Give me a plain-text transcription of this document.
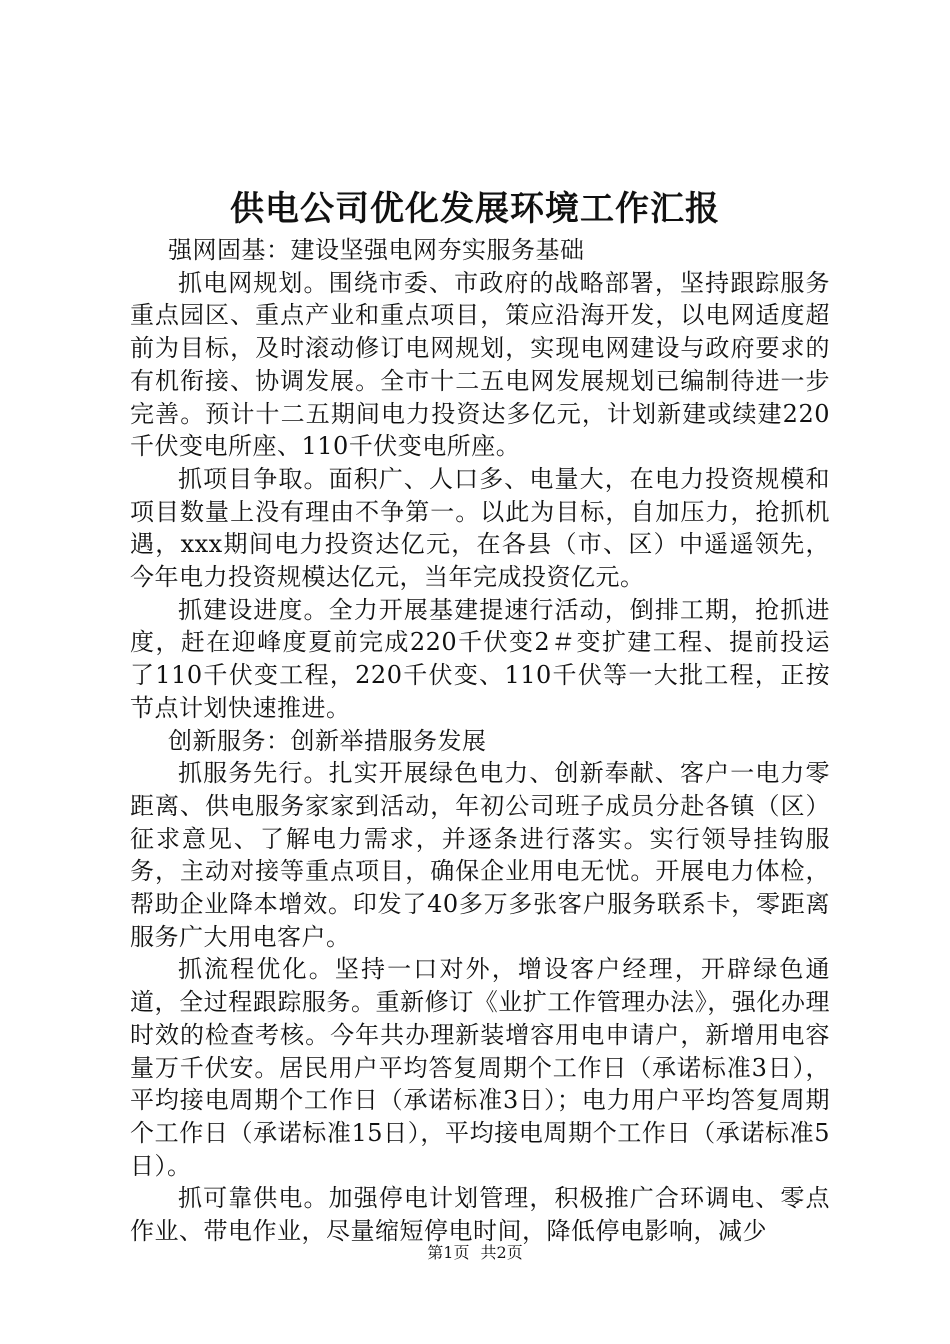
供电公司优化发展环境工作汇报

强网固基：建设坚强电网夯实服务基础

抓电网规划。围绕市委、市政府的战略部署，坚持跟踪服务重点园区、重点产业和重点项目，策应沿海开发，以电网适度超前为目标，及时滚动修订电网规划，实现电网建设与政府要求的有机衔接、协调发展。全市十二五电网发展规划已编制待进一步完善。预计十二五期间电力投资达多亿元，计划新建或续建220千伏变电所座、110千伏变电所座。

抓项目争取。面积广、人口多、电量大，在电力投资规模和项目数量上没有理由不争第一。以此为目标，自加压力，抢抓机遇，xxx期间电力投资达亿元，在各县（市、区）中遥遥领先，今年电力投资规模达亿元，当年完成投资亿元。

抓建设进度。全力开展基建提速行活动，倒排工期，抢抓进度，赶在迎峰度夏前完成220千伏变2＃变扩建工程、提前投运了110千伏变工程，220千伏变、110千伏等一大批工程，正按节点计划快速推进。

创新服务：创新举措服务发展

抓服务先行。扎实开展绿色电力、创新奉献、客户一电力零距离、供电服务家家到活动，年初公司班子成员分赴各镇（区）征求意见、了解电力需求，并逐条进行落实。实行领导挂钩服务，主动对接等重点项目，确保企业用电无忧。开展电力体检，帮助企业降本增效。印发了40多万多张客户服务联系卡，零距离服务广大用电客户。

抓流程优化。坚持一口对外，增设客户经理，开辟绿色通道，全过程跟踪服务。重新修订《业扩工作管理办法》，强化办理时效的检查考核。今年共办理新装增容用电申请户，新增用电容量万千伏安。居民用户平均答复周期个工作日（承诺标准3日），平均接电周期个工作日（承诺标准3日）；电力用户平均答复周期个工作日（承诺标准15日），平均接电周期个工作日（承诺标准5日）。

抓可靠供电。加强停电计划管理，积极推广合环调电、零点作业、带电作业，尽量缩短停电时间，降低停电影响，减少

第1页 共2页
